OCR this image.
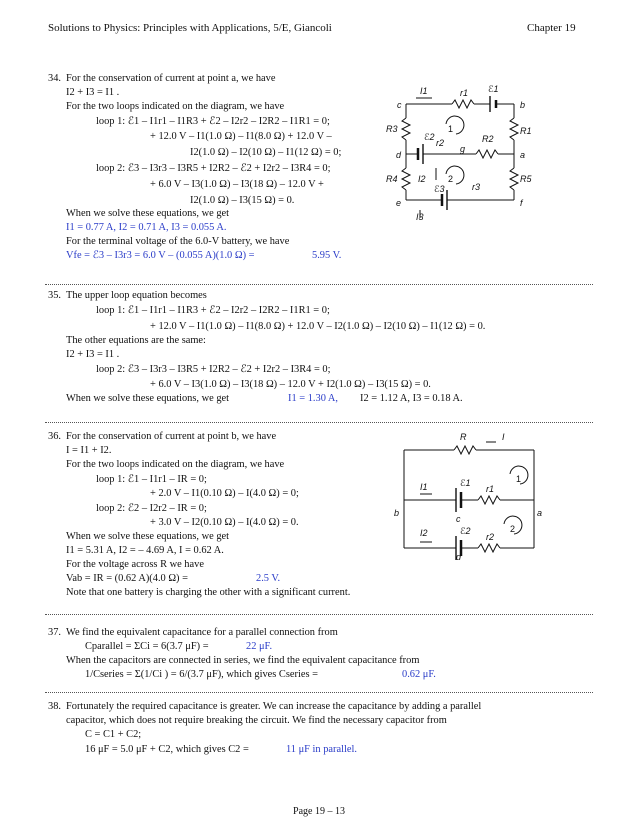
Solutions to Physics: Principles with Applications, 5/E, Giancoli	Chapter 19
34. For the conservation of current at point a, we have
I2 + I3 = I1 .
For the two loops indicated on the diagram, we have
loop 1: ℰ1 – I1r1 – I1R3 + ℰ2 – I2r2 – I2R2 – I1R1 = 0;
+ 12.0 V – I1(1.0 Ω) – I1(8.0 Ω) + 12.0 V –
I2(1.0 Ω) – I2(10 Ω) – I1(12 Ω) = 0;
loop 2: ℰ3 – I3r3 – I3R5 + I2R2 – ℰ2 + I2r2 – I3R4 = 0;
+ 6.0 V – I3(1.0 Ω) – I3(18 Ω) – 12.0 V +
I2(1.0 Ω) – I3(15 Ω) = 0.
When we solve these equations, we get
I1 = 0.77 A, I2 = 0.71 A, I3 = 0.055 A.
For the terminal voltage of the 6.0-V battery, we have
Vfe = ℰ3 – I3r3 = 6.0 V – (0.055 A)(1.0 Ω) =	5.95 V.
I1	r1 ℰ1
c	b
R3
ℰ2
r2
1
R2
R1
d
g
a
R4 I2 2
ℰ3	r3
R5
e	f
I3
35. The upper loop equation becomes
loop 1: ℰ1 – I1r1 – I1R3 + ℰ2 – I2r2 – I2R2 – I1R1 = 0;
+ 12.0 V – I1(1.0 Ω) – I1(8.0 Ω) + 12.0 V – I2(1.0 Ω) – I2(10 Ω) – I1(12 Ω) = 0.
The other equations are the same:
I2 + I3 = I1 .
loop 2: ℰ3 – I3r3 – I3R5 + I2R2 – ℰ2 + I2r2 – I3R4 = 0;
+ 6.0 V – I3(1.0 Ω) – I3(18 Ω) – 12.0 V + I2(1.0 Ω) – I3(15 Ω) = 0.
When we solve these equations, we get	I1 = 1.30 A, I2 = 1.12 A, I3 = 0.18 A.
36. For the conservation of current at point b, we have
I = I1 + I2.
For the two loops indicated on the diagram, we have
loop 1: ℰ1 – I1r1 – IR = 0;
+ 2.0 V – I1(0.10 Ω) – I(4.0 Ω) = 0;
loop 2: ℰ2 – I2r2 – IR = 0;
+ 3.0 V – I2(0.10 Ω) – I(4.0 Ω) = 0.
When we solve these equations, we get
I1 = 5.31 A, I2 = – 4.69 A, I = 0.62 A.
For the voltage across R we have
Vab = IR = (0.62 A)(4.0 Ω) =	2.5 V.
Note that one battery is charging the other with a significant current.
R	I
I1	ℰ1
r1
1
c
b	a
2
I2	ℰ2
r2
d
37. We find the equivalent capacitance for a parallel connection from
Cparallel = ΣCi = 6(3.7 μF) =	22 μF.
When the capacitors are connected in series, we find the equivalent capacitance from
1/Cseries = Σ(1/Ci ) = 6/(3.7 μF), which gives Cseries =	0.62 μF.
38. Fortunately the required capacitance is greater. We can increase the capacitance by adding a parallel
capacitor, which does not require breaking the circuit. We find the necessary capacitor from
C = C1 + C2;
16 μF = 5.0 μF + C2, which gives C2 =	11 μF in parallel.
Page 19 – 13
